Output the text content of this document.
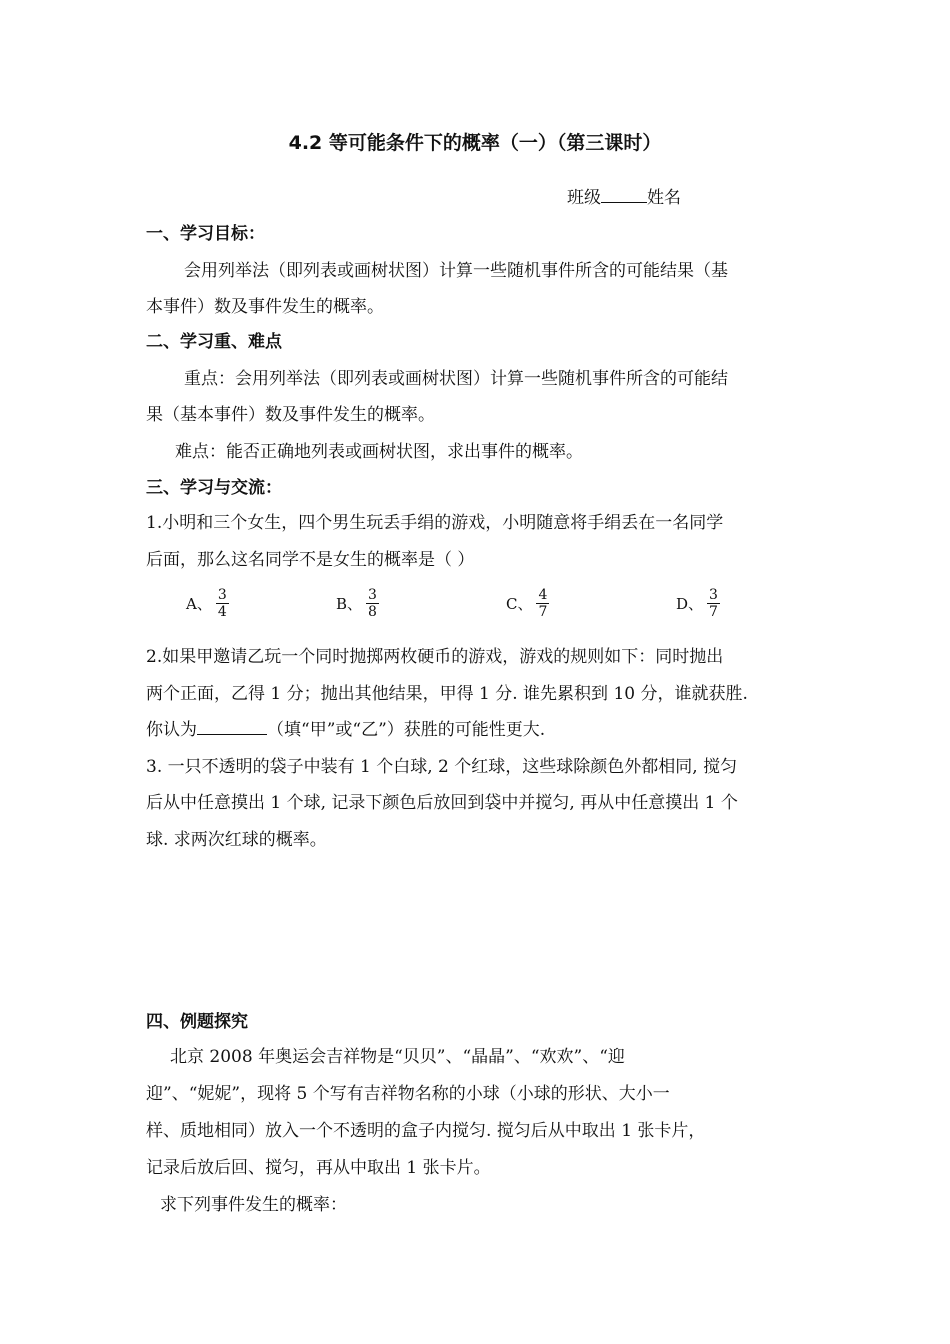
4.2 等可能条件下的概率（一）（第三课时）
班级	姓名
一、学习目标：
会用列举法（即列表或画树状图）计算一些随机事件所含的可能结果（基
本事件）数及事件发生的概率。
二、学习重、难点
重点：会用列举法（即列表或画树状图）计算一些随机事件所含的可能结
果（基本事件）数及事件发生的概率。
难点：能否正确地列表或画树状图，求出事件的概率。
三、学习与交流：
1.小明和三个女生，四个男生玩丢手绢的游戏，小明随意将手绢丢在一名同学
后面，那么这名同学不是女生的概率是（ ）
A、 $\frac{3}{4}$	B、 $\frac{3}{8}$	C、 $\frac{4}{7}$	D、 $\frac{3}{7}$
2.如果甲邀请乙玩一个同时抛掷两枚硬币的游戏，游戏的规则如下：同时抛出
两个正面，乙得 1 分；抛出其他结果，甲得 1 分. 谁先累积到 10 分，谁就获胜.
你认为	（填“甲”或“乙”）获胜的可能性更大.
3. 一只不透明的袋子中装有 1 个白球, 2 个红球，这些球除颜色外都相同, 搅匀
后从中任意摸出 1 个球, 记录下颜色后放回到袋中并搅匀, 再从中任意摸出 1 个
球. 求两次红球的概率。
四、例题探究
北京 2008 年奥运会吉祥物是“贝贝”、“晶晶”、“欢欢”、“迎
迎”、“妮妮”，现将 5 个写有吉祥物名称的小球（小球的形状、大小一
样、质地相同）放入一个不透明的盒子内搅匀. 搅匀后从中取出 1 张卡片，
记录后放后回、搅匀，再从中取出 1 张卡片。
求下列事件发生的概率：
